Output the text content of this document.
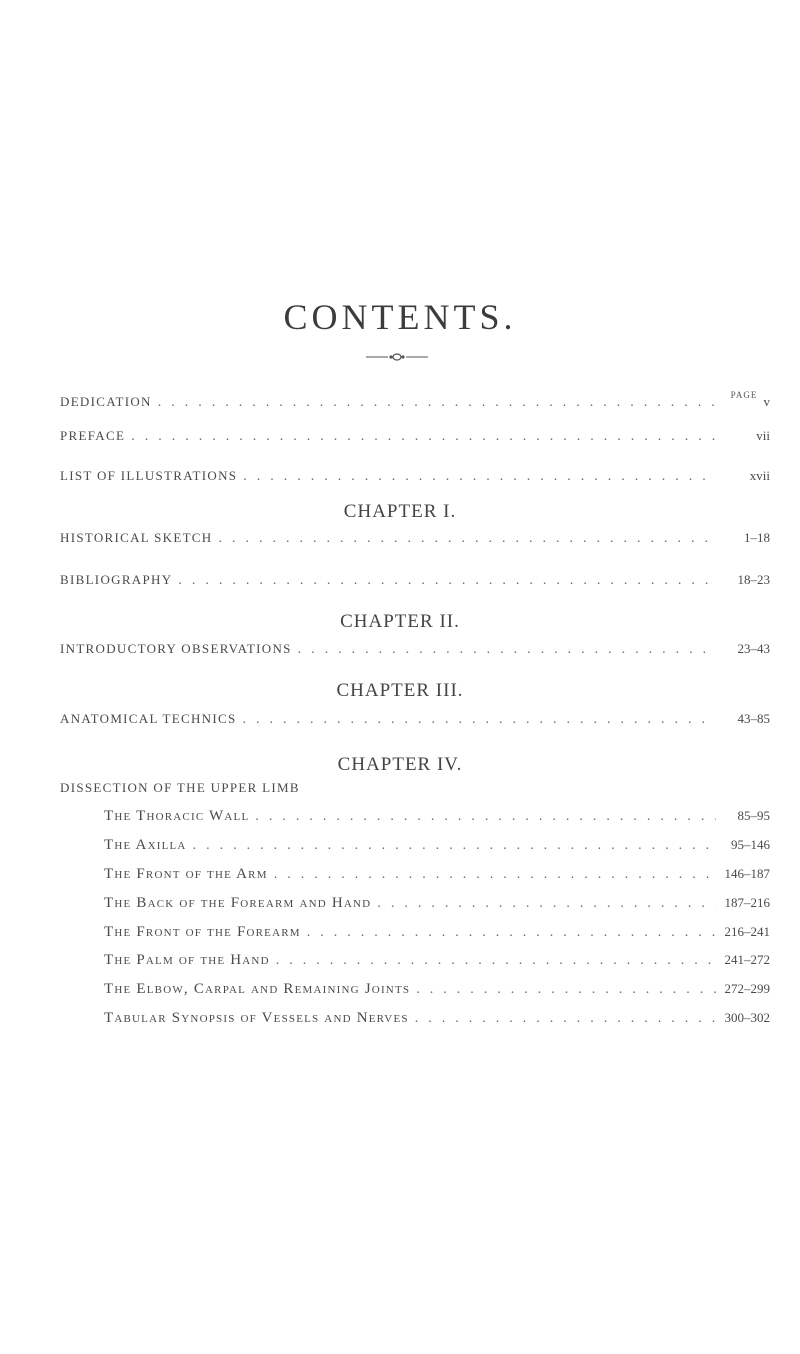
CONTENTS.
PAGE
DEDICATION .....	v
PREFACE .....	vii
LIST OF ILLUSTRATIONS .....	xvii
CHAPTER I.
HISTORICAL SKETCH .....	1–18
BIBLIOGRAPHY .....	18–23
CHAPTER II.
INTRODUCTORY OBSERVATIONS .....	23–43
CHAPTER III.
ANATOMICAL TECHNICS .....	43–85
CHAPTER IV.
DISSECTION OF THE UPPER LIMB
The Thoracic Wall .....	85–95
The Axilla .....	95–146
The Front of the Arm .....	146–187
The Back of the Forearm and Hand .....	187–216
The Front of the Forearm .....	216–241
The Palm of the Hand .....	241–272
The Elbow, Carpal and Remaining Joints .....	272–299
Tabular Synopsis of Vessels and Nerves .....	300–302
